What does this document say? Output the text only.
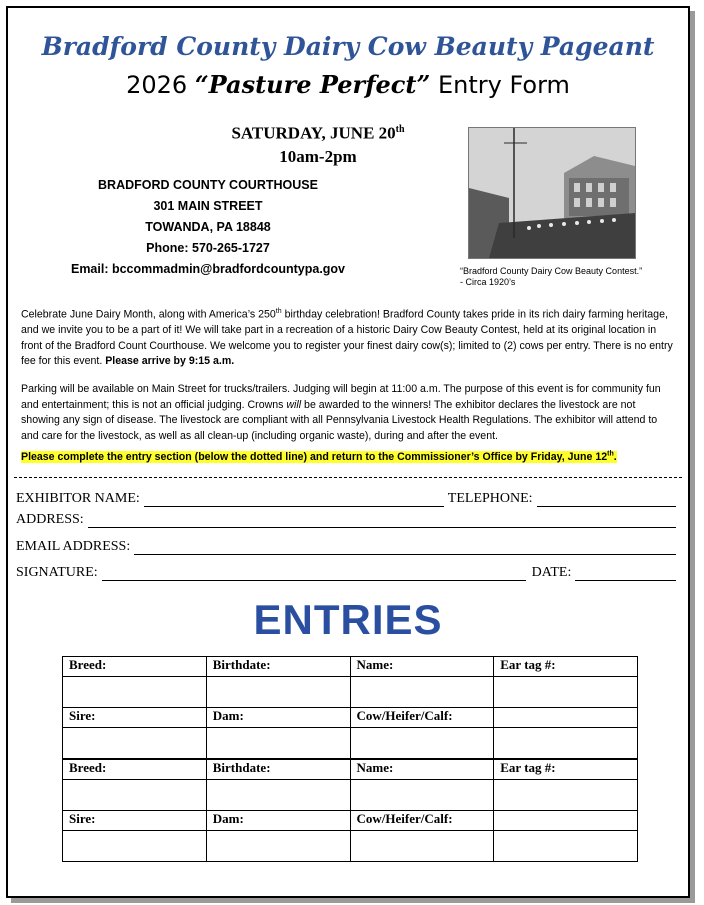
Bradford County Dairy Cow Beauty Pageant
2026 “Pasture Perfect” Entry Form
SATURDAY, JUNE 20th
10am-2pm
BRADFORD COUNTY COURTHOUSE
301 MAIN STREET
TOWANDA, PA 18848
Phone: 570-265-1727
Email: bccommadmin@bradfordcountypa.gov	“Bradford County Dairy Cow Beauty Contest.”
- Circa 1920’s

Celebrate June Dairy Month, along with America’s 250th birthday celebration! Bradford County takes pride in its rich dairy farming heritage, and we invite you to be a part of it! We will take part in a recreation of a historic Dairy Cow Beauty Contest, held at its original location in front of the Bradford Count Courthouse. We welcome you to register your finest dairy cow(s); limited to (2) cows per entry. There is no entry fee for this event. Please arrive by 9:15 a.m.

Parking will be available on Main Street for trucks/trailers. Judging will begin at 11:00 a.m. The purpose of this event is for community fun and entertainment; this is not an official judging. Crowns will be awarded to the winners! The exhibitor declares the livestock are not showing any sign of disease. The livestock are compliant with all Pennsylvania Livestock Health Regulations. The exhibitor will attend to and care for the livestock, as well as all clean-up (including organic waste), during and after the event.

Please complete the entry section (below the dotted line) and return to the Commissioner’s Office by Friday, June 12th.

EXHIBITOR NAME:	TELEPHONE:
ADDRESS:
EMAIL ADDRESS:
SIGNATURE:	DATE:
ENTRIES
Breed:	Birthdate:	Name:	Ear tag #:

Sire:	Dam:	Cow/Heifer/Calf:	

Breed:	Birthdate:	Name:	Ear tag #:

Sire:	Dam:	Cow/Heifer/Calf:	
